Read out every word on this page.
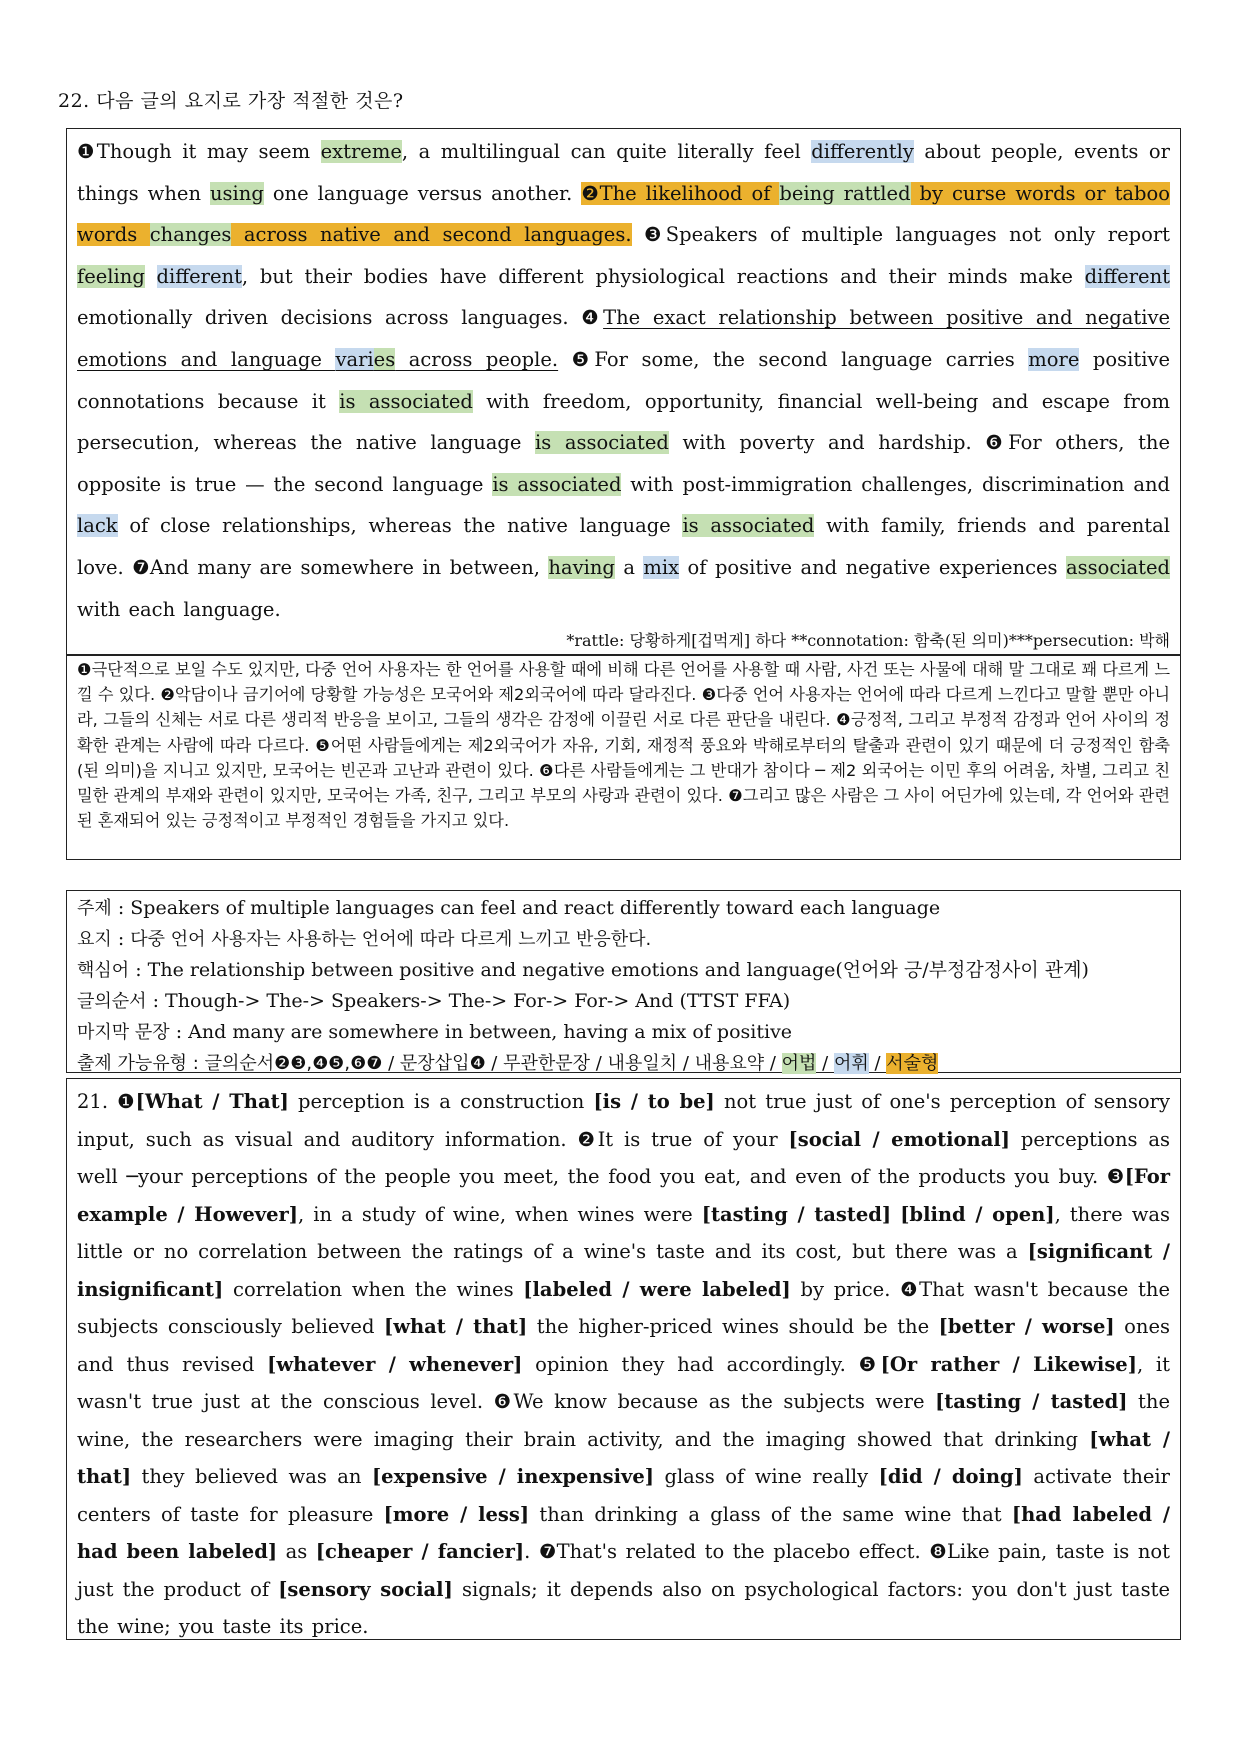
22. 다음 글의 요지로 가장 적절한 것은?
❶Though it may seem extreme, a multilingual can quite literally feel differently about people, events or things when using one language versus another. ❷The likelihood of being rattled by curse words or taboo words changes across native and second languages. ❸Speakers of multiple languages not only report feeling different, but their bodies have different physiological reactions and their minds make different emotionally driven decisions across languages. ❹The exact relationship between positive and negative emotions and language varies across people. ❺For some, the second language carries more positive connotations because it is associated with freedom, opportunity, financial well-being and escape from persecution, whereas the native language is associated with poverty and hardship. ❻For others, the opposite is true — the second language is associated with post-immigration challenges, discrimination and lack of close relationships, whereas the native language is associated with family, friends and parental love. ❼And many are somewhere in between, having a mix of positive and negative experiences associated with each language.
*rattle: 당황하게[겁먹게] 하다 **connotation: 함축(된 의미)***persecution: 박해
❶극단적으로 보일 수도 있지만, 다중 언어 사용자는 한 언어를 사용할 때에 비해 다른 언어를 사용할 때 사람, 사건 또는 사물에 대해 말 그대로 꽤 다르게 느낄 수 있다. ❷악담이나 금기어에 당황할 가능성은 모국어와 제2외국어에 따라 달라진다. ❸다중 언어 사용자는 언어에 따라 다르게 느낀다고 말할 뿐만 아니라, 그들의 신체는 서로 다른 생리적 반응을 보이고, 그들의 생각은 감정에 이끌린 서로 다른 판단을 내린다. ❹긍정적, 그리고 부정적 감정과 언어 사이의 정확한 관계는 사람에 따라 다르다. ❺어떤 사람들에게는 제2외국어가 자유, 기회, 재정적 풍요와 박해로부터의 탈출과 관련이 있기 때문에 더 긍정적인 함축(된 의미)을 지니고 있지만, 모국어는 빈곤과 고난과 관련이 있다. ❻다른 사람들에게는 그 반대가 참이다 ─ 제2 외국어는 이민 후의 어려움, 차별, 그리고 친밀한 관계의 부재와 관련이 있지만, 모국어는 가족, 친구, 그리고 부모의 사랑과 관련이 있다. ❼그리고 많은 사람은 그 사이 어딘가에 있는데, 각 언어와 관련된 혼재되어 있는 긍정적이고 부정적인 경험들을 가지고 있다.
주제 : Speakers of multiple languages can feel and react differently toward each language
요지 : 다중 언어 사용자는 사용하는 언어에 따라 다르게 느끼고 반응한다.
핵심어 : The relationship between positive and negative emotions and language(언어와 긍/부정감정사이 관계)
글의순서 : Though-> The-> Speakers-> The-> For-> For-> And (TTST FFA)
마지막 문장 : And many are somewhere in between, having a mix of positive
출제 가능유형 : 글의순서❷❸,❹❺,❻❼ / 문장삽입❹ / 무관한문장 / 내용일치 / 내용요약 / 어법 / 어휘 / 서술형
21. ❶[What / That] perception is a construction [is / to be] not true just of one's perception of sensory input, such as visual and auditory information. ❷It is true of your [social / emotional] perceptions as well ─your perceptions of the people you meet, the food you eat, and even of the products you buy. ❸[For example / However], in a study of wine, when wines were [tasting / tasted] [blind / open], there was little or no correlation between the ratings of a wine's taste and its cost, but there was a [significant / insignificant] correlation when the wines [labeled / were labeled] by price. ❹That wasn't because the subjects consciously believed [what / that] the higher-priced wines should be the [better / worse] ones and thus revised [whatever / whenever] opinion they had accordingly. ❺[Or rather / Likewise], it wasn't true just at the conscious level. ❻We know because as the subjects were [tasting / tasted] the wine, the researchers were imaging their brain activity, and the imaging showed that drinking [what / that] they believed was an [expensive / inexpensive] glass of wine really [did / doing] activate their centers of taste for pleasure [more / less] than drinking a glass of the same wine that [had labeled / had been labeled] as [cheaper / fancier]. ❼That's related to the placebo effect. ❽Like pain, taste is not just the product of [sensory social] signals; it depends also on psychological factors: you don't just taste the wine; you taste its price.
